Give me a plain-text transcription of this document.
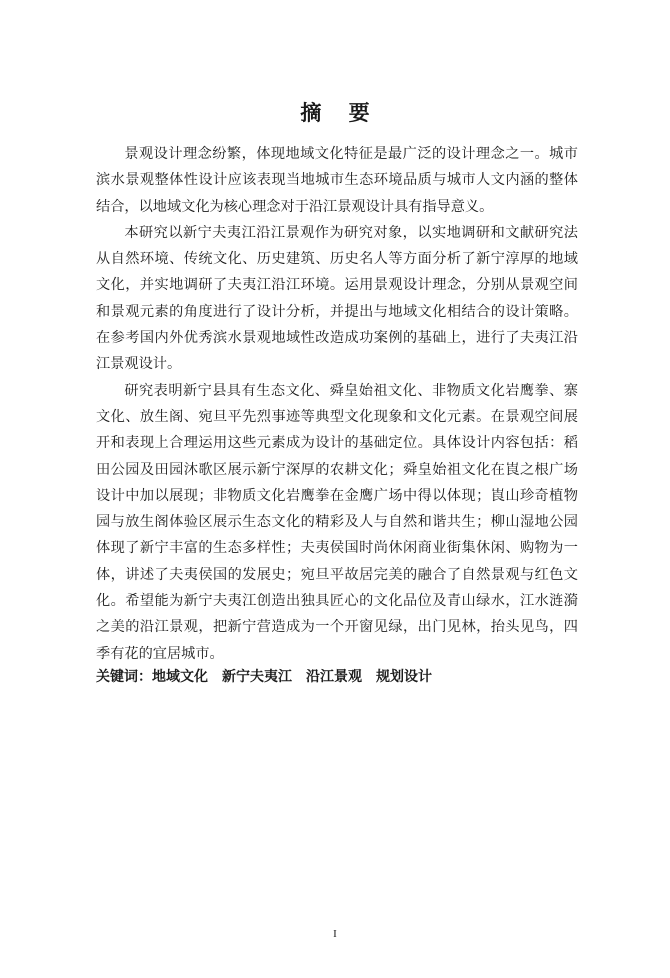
摘 要

景观设计理念纷繁，体现地域文化特征是最广泛的设计理念之一。城市滨水景观整体性设计应该表现当地城市生态环境品质与城市人文内涵的整体结合，以地域文化为核心理念对于沿江景观设计具有指导意义。

本研究以新宁夫夷江沿江景观作为研究对象，以实地调研和文献研究法从自然环境、传统文化、历史建筑、历史名人等方面分析了新宁淳厚的地域文化，并实地调研了夫夷江沿江环境。运用景观设计理念，分别从景观空间和景观元素的角度进行了设计分析，并提出与地域文化相结合的设计策略。在参考国内外优秀滨水景观地域性改造成功案例的基础上，进行了夫夷江沿江景观设计。

研究表明新宁县具有生态文化、舜皇始祖文化、非物质文化岩鹰拳、寨文化、放生阁、宛旦平先烈事迹等典型文化现象和文化元素。在景观空间展开和表现上合理运用这些元素成为设计的基础定位。具体设计内容包括：稻田公园及田园沐歌区展示新宁深厚的农耕文化；舜皇始祖文化在崀之根广场设计中加以展现；非物质文化岩鹰拳在金鹰广场中得以体现；崀山珍奇植物园与放生阁体验区展示生态文化的精彩及人与自然和谐共生；柳山湿地公园体现了新宁丰富的生态多样性；夫夷侯国时尚休闲商业街集休闲、购物为一体，讲述了夫夷侯国的发展史；宛旦平故居完美的融合了自然景观与红色文化。希望能为新宁夫夷江创造出独具匠心的文化品位及青山绿水，江水涟漪之美的沿江景观，把新宁营造成为一个开窗见绿，出门见林，抬头见鸟，四季有花的宜居城市。

关键词：地域文化 新宁夫夷江 沿江景观 规划设计
I
